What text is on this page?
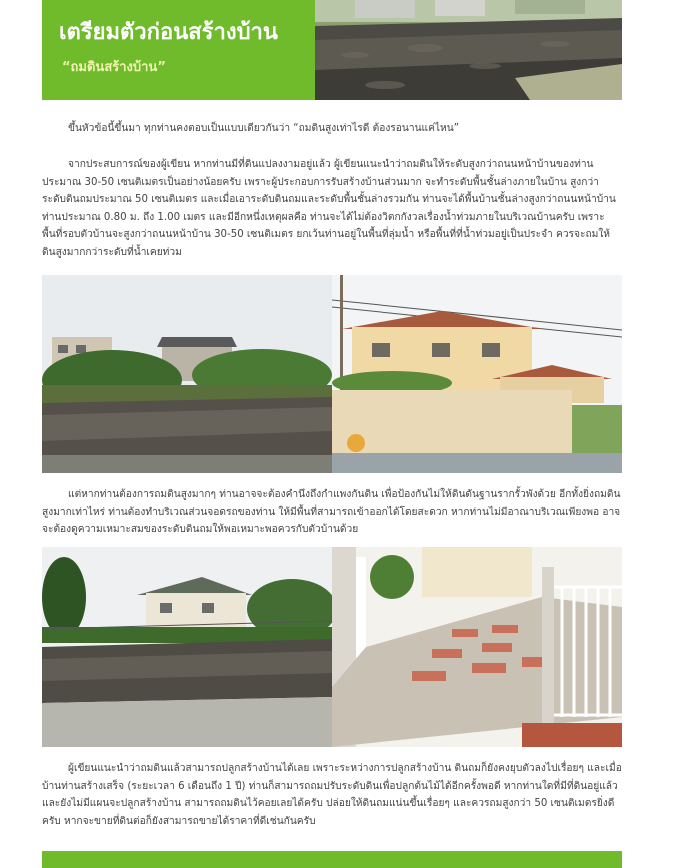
เตรียมตัวก่อนสร้างบ้าน
“ถมดินสร้างบ้าน”

ขึ้นหัวข้อนี้ขึ้นมา ทุกท่านคงตอบเป็นแบบเดียวกันว่า “ถมดินสูงเท่าไรดี ต้องรอนานแค่ไหน”

จากประสบการณ์ของผู้เขียน หากท่านมีที่ดินแปลงงามอยู่แล้ว ผู้เขียนแนะนำว่าถมดินให้ระดับสูงกว่าถนนหน้าบ้านของท่าน ประมาณ 30-50 เซนติเมตรเป็นอย่างน้อยครับ เพราะผู้ประกอบการรับสร้างบ้านส่วนมาก จะทำระดับพื้นชั้นล่างภายในบ้าน สูงกว่าระดับดินถมประมาณ 50 เซนติเมตร และเมื่อเอาระดับดินถมและระดับพื้นชั้นล่างรวมกัน ท่านจะได้พื้นบ้านชั้นล่างสูงกว่าถนนหน้าบ้านท่านประมาณ 0.80 ม. ถึง 1.00 เมตร และมีอีกหนึ่งเหตุผลคือ ท่านจะได้ไม่ต้องวิตกกังวลเรื่องน้ำท่วมภายในบริเวณบ้านครับ เพราะพื้นที่รอบตัวบ้านจะสูงกว่าถนนหน้าบ้าน 30-50 เซนติเมตร ยกเว้นท่านอยู่ในพื้นที่ลุ่มน้ำ หรือพื้นที่ที่น้ำท่วมอยู่เป็นประจำ ควรจะถมให้ดินสูงมากกว่าระดับที่น้ำเคยท่วม

แต่หากท่านต้องการถมดินสูงมากๆ ท่านอาจจะต้องคำนึงถึงกำแพงกันดิน เพื่อป้องกันไม่ให้ดินดันฐานรากรั้วพังด้วย อีกทั้งยิ่งถมดินสูงมากเท่าไหร่ ท่านต้องทำบริเวณส่วนจอดรถของท่าน ให้มีพื้นที่สามารถเข้าออกได้โดยสะดวก หากท่านไม่มีอาณาบริเวณเพียงพอ อาจจะต้องดูความเหมาะสมของระดับดินถมให้พอเหมาะพอควรกับตัวบ้านด้วย

ผู้เขียนแนะนำว่าถมดินแล้วสามารถปลูกสร้างบ้านได้เลย เพราะระหว่างการปลูกสร้างบ้าน ดินถมก็ยังคงยุบตัวลงไปเรื่อยๆ และเมื่อบ้านท่านสร้างเสร็จ (ระยะเวลา 6 เดือนถึง 1 ปี) ท่านก็สามารถถมปรับระดับดินเพื่อปลูกต้นไม้ได้อีกครั้งพอดี หากท่านใดที่มีที่ดินอยู่แล้วและยังไม่มีแผนจะปลูกสร้างบ้าน สามารถถมดินไว้คอยเลยได้ครับ ปล่อยให้ดินถมแน่นขึ้นเรื่อยๆ และควรถมสูงกว่า 50 เซนติเมตรยิ่งดีครับ หากจะขายที่ดินต่อก็ยังสามารถขายได้ราคาที่ดีเช่นกันครับ
